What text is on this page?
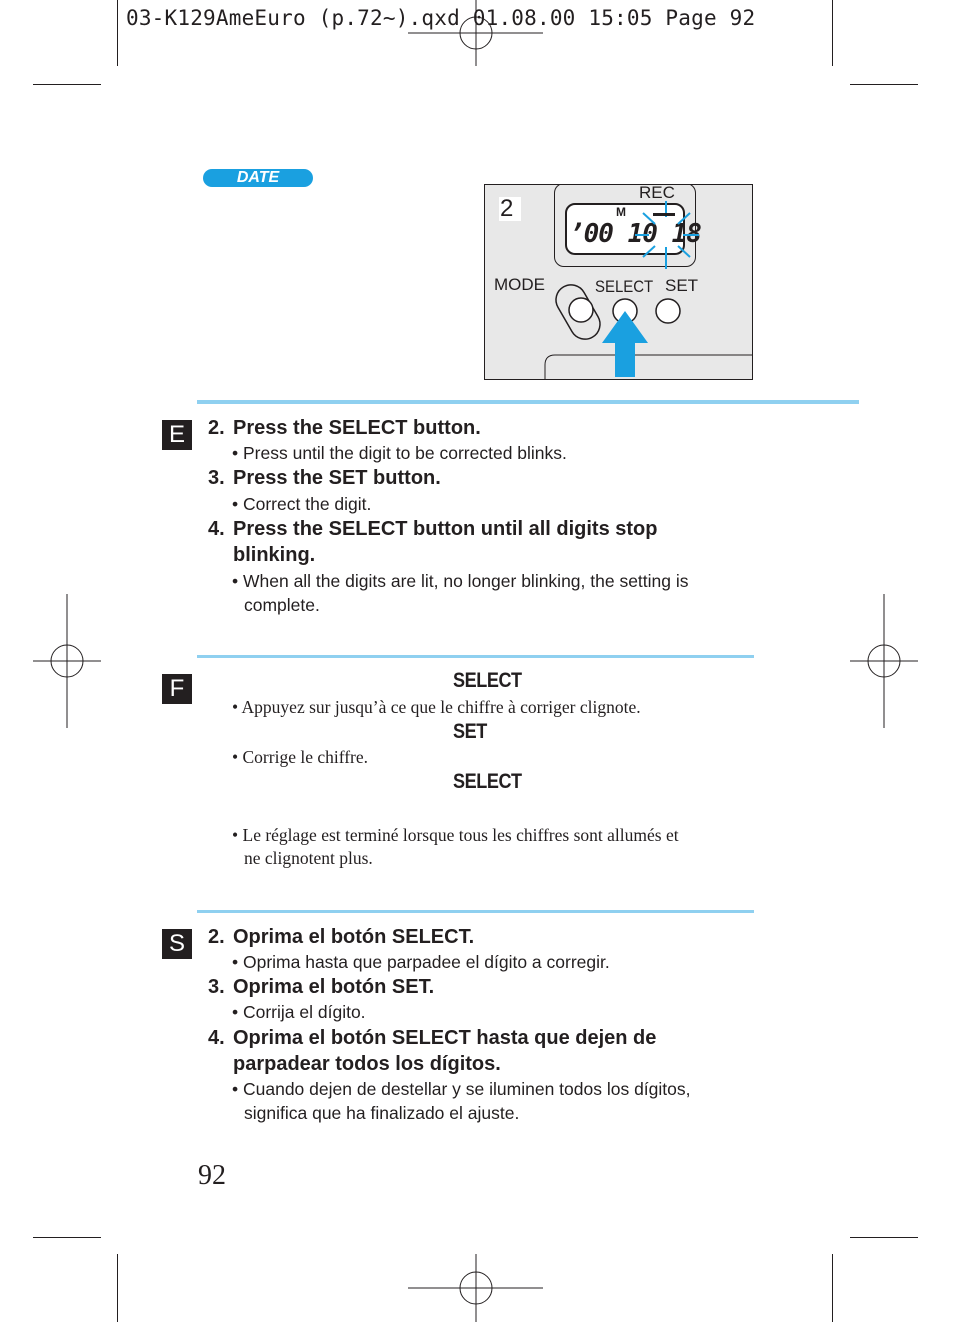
03-K129AmeEuro (p.72~).qxd 01.08.00 15:05 Page 92
DATE
2
REC
M
’00 10 18
MODE	SELECT SET
E	2. Press the SELECT button.
• Press until the digit to be corrected blinks.
3. Press the SET button.
• Correct the digit.
4. Press the SELECT button until all digits stop
blinking.
• When all the digits are lit, no longer blinking, the setting is
complete.
F	SELECT
• Appuyez sur jusqu’à ce que le chiffre à corriger clignote.
SET
• Corrige le chiffre.
SELECT
• Le réglage est terminé lorsque tous les chiffres sont allumés et
ne clignotent plus.
S	2. Oprima el botón SELECT.
• Oprima hasta que parpadee el dígito a corregir.
3. Oprima el botón SET.
• Corrija el dígito.
4. Oprima el botón SELECT hasta que dejen de
parpadear todos los dígitos.
• Cuando dejen de destellar y se iluminen todos los dígitos,
significa que ha finalizado el ajuste.
92
